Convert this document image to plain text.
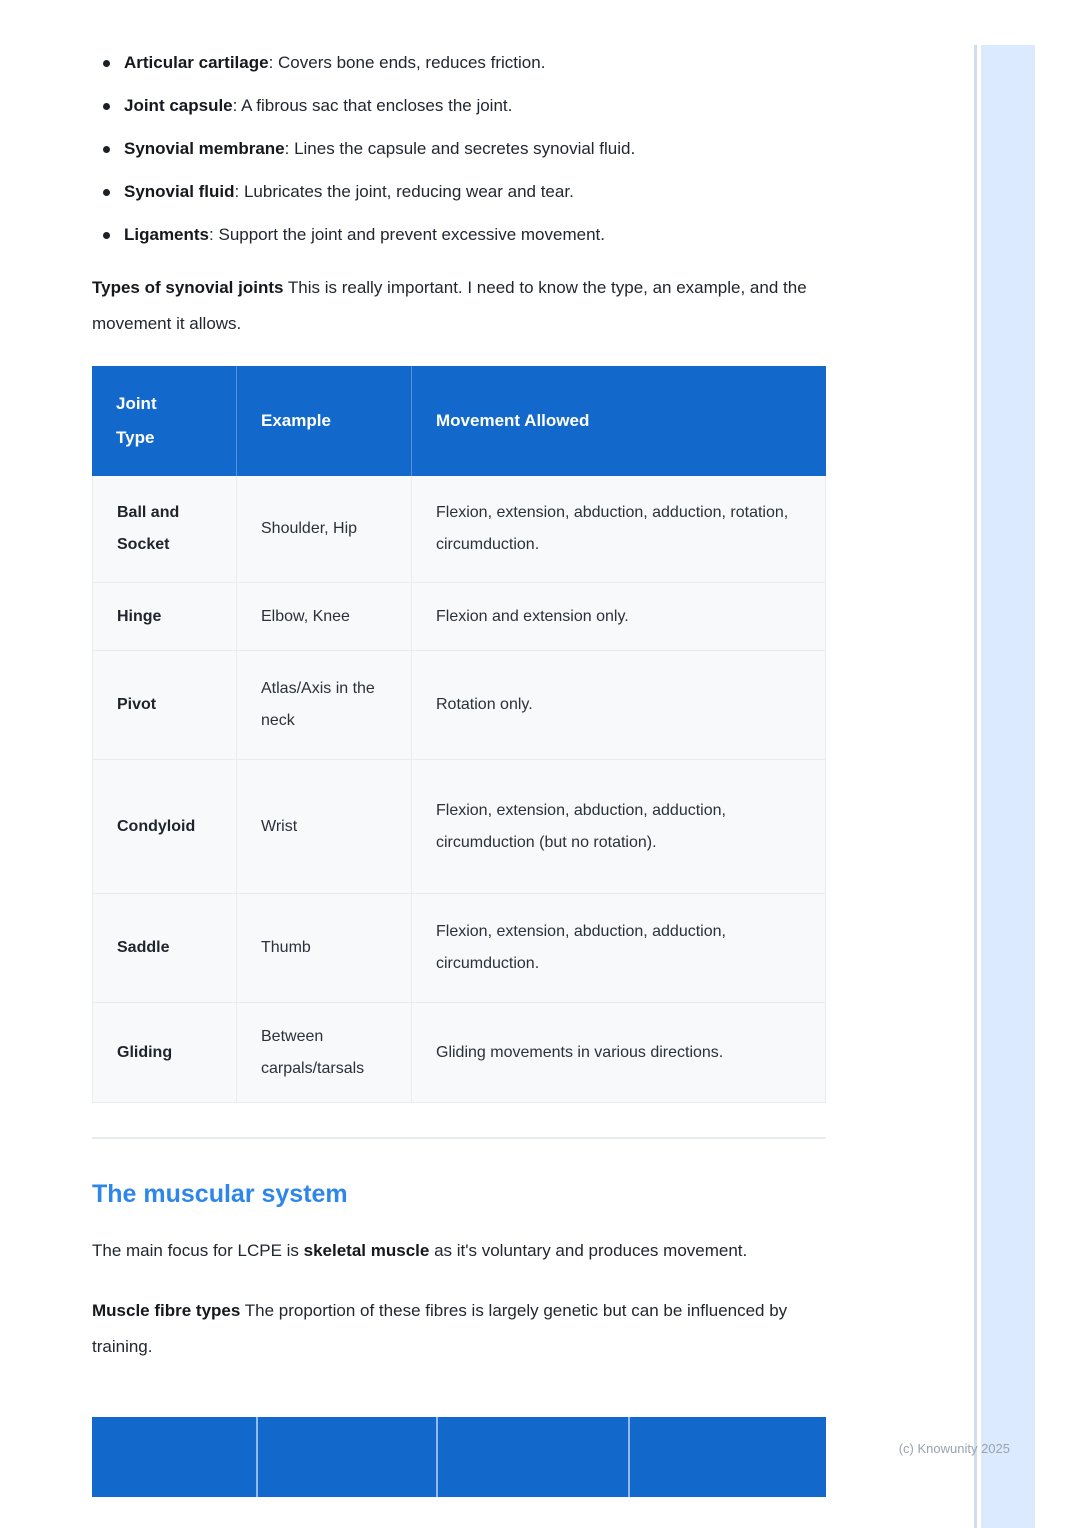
Articular cartilage: Covers bone ends, reduces friction.
Joint capsule: A fibrous sac that encloses the joint.
Synovial membrane: Lines the capsule and secretes synovial fluid.
Synovial fluid: Lubricates the joint, reducing wear and tear.
Ligaments: Support the joint and prevent excessive movement.

Types of synovial joints This is really important. I need to know the type, an example, and the movement it allows.

Joint Type	Example	Movement Allowed
Ball and Socket	Shoulder, Hip	Flexion, extension, abduction, adduction, rotation, circumduction.
Hinge	Elbow, Knee	Flexion and extension only.
Pivot	Atlas/Axis in the neck	Rotation only.
Condyloid	Wrist	Flexion, extension, abduction, adduction, circumduction (but no rotation).
Saddle	Thumb	Flexion, extension, abduction, adduction, circumduction.
Gliding	Between carpals/tarsals	Gliding movements in various directions.
The muscular system

The main focus for LCPE is skeletal muscle as it's voluntary and produces movement.

Muscle fibre types The proportion of these fibres is largely genetic but can be influenced by training.

(c) Knowunity 2025
